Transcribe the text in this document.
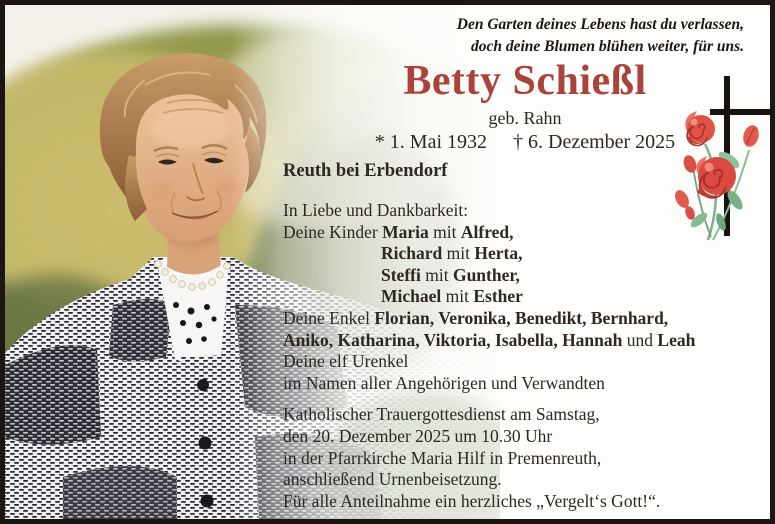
Den Garten deines Lebens hast du verlassen,
doch deine Blumen blühen weiter, für uns.
Betty Schießl
geb. Rahn
* 1. Mai 1932 † 6. Dezember 2025
Reuth bei Erbendorf
In Liebe und Dankbarkeit:
Deine Kinder Maria mit Alfred,
Richard mit Herta,
Steffi mit Gunther,
Michael mit Esther
Deine Enkel Florian, Veronika, Benedikt, Bernhard,
Aniko, Katharina, Viktoria, Isabella, Hannah und Leah
Deine elf Urenkel
im Namen aller Angehörigen und Verwandten
Katholischer Trauergottesdienst am Samstag,
den 20. Dezember 2025 um 10.30 Uhr
in der Pfarrkirche Maria Hilf in Premenreuth,
anschließend Urnenbeisetzung.
Für alle Anteilnahme ein herzliches „Vergelt‘s Gott!“.
